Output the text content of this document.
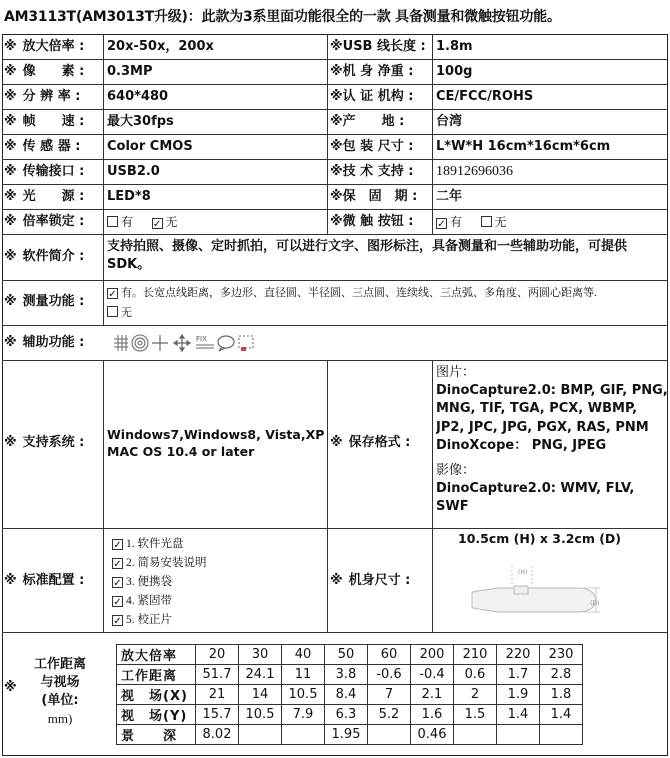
AM3113T(AM3013T升级)：此款为3系里面功能很全的一款 具备测量和微触按钮功能。
※ 放大倍率 : 20x-50x，200x	※USB 线长度 : 1.8m
※ 像　　素 : 0.3MP	※机 身 净重 : 100g
※ 分 辨 率 : 640*480	※认 证 机构 : CE/FCC/ROHS
※ 帧　　速 : 最大30fps	※产　　地 : 台湾
※ 传 感 器 : Color CMOS	※包 装 尺寸 : L*W*H 16cm*16cm*6cm
※ 传输接口 : USB2.0	※技 术 支持 : 18912696036
※ 光　　源 : LED*8	※保　固　期 : 二年
※ 倍率锁定 :	有 ✓ 无	※微 触 按钮 : ✓ 有	无
※ 软件简介 :
支持拍照、摄像、定时抓拍，可以进行文字、图形标注，具备测量和一些辅助功能，可提供SDK。
※ 测量功能 : ✓ 有。长宽点线距离，多边形、直径圆、半径圆、三点圆、连续线、三点弧、多角度、两圆心距离等.
无
※ 辅助功能 :	FIX
※ 支持系统 :
Windows7,Windows8, Vista,XP
MAC OS 10.4 or later
※ 保存格式 :
图片：
DinoCapture2.0: BMP, GIF, PNG,
MNG, TIF, TGA, PCX, WBMP,
JP2, JPC, JPG, PGX, RAS, PNM
DinoXcope： PNG, JPEG
影像：
DinoCapture2.0: WMV, FLV,
SWF
※ 标准配置 :
✓ 1. 软件光盘
✓ 2. 简易安装说明
✓ 3. 便携袋
✓ 4. 紧固带
✓ 5. 校正片
※ 机身尺寸 :
10.5cm (H) x 3.2cm (D)
(H)
(D)
※
工作距离
与视场
(单位:
mm)
放大倍率	20	30	40	50	60	200	210	220	230
工作距离	51.7	24.1	11	3.8	-0.6	-0.4	0.6	1.7	2.8
视　场(X)	21	14	10.5	8.4	7	2.1	2	1.9	1.8
视　场(Y)	15.7	10.5	7.9	6.3	5.2	1.6	1.5	1.4	1.4
景　　深	8.02			1.95		0.46			
